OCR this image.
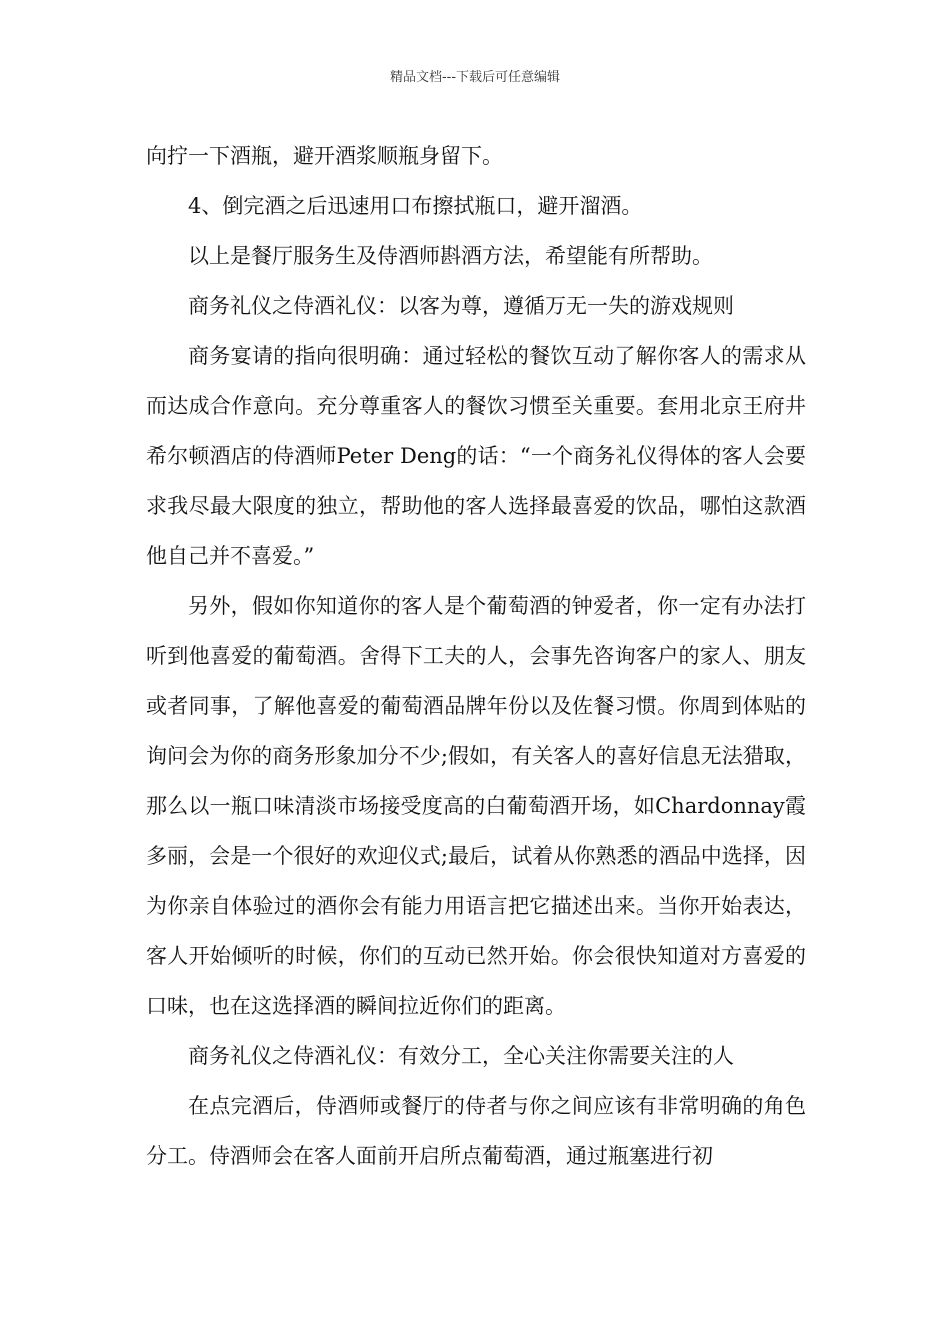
精品文档---下载后可任意编辑

向拧一下酒瓶，避开酒浆顺瓶身留下。

4、倒完酒之后迅速用口布擦拭瓶口，避开溜酒。

以上是餐厅服务生及侍酒师斟酒方法，希望能有所帮助。

商务礼仪之侍酒礼仪：以客为尊，遵循万无一失的游戏规则

商务宴请的指向很明确：通过轻松的餐饮互动了解你客人的需求从而达成合作意向。充分尊重客人的餐饮习惯至关重要。套用北京王府井希尔顿酒店的侍酒师Peter Deng的话：“一个商务礼仪得体的客人会要求我尽最大限度的独立，帮助他的客人选择最喜爱的饮品，哪怕这款酒他自己并不喜爱。”

另外，假如你知道你的客人是个葡萄酒的钟爱者，你一定有办法打听到他喜爱的葡萄酒。舍得下工夫的人，会事先咨询客户的家人、朋友或者同事，了解他喜爱的葡萄酒品牌年份以及佐餐习惯。你周到体贴的询问会为你的商务形象加分不少;假如，有关客人的喜好信息无法猎取，那么以一瓶口味清淡市场接受度高的白葡萄酒开场，如Chardonnay霞多丽，会是一个很好的欢迎仪式;最后，试着从你熟悉的酒品中选择，因为你亲自体验过的酒你会有能力用语言把它描述出来。当你开始表达，客人开始倾听的时候，你们的互动已然开始。你会很快知道对方喜爱的口味，也在这选择酒的瞬间拉近你们的距离。

商务礼仪之侍酒礼仪：有效分工，全心关注你需要关注的人

在点完酒后，侍酒师或餐厅的侍者与你之间应该有非常明确的角色分工。侍酒师会在客人面前开启所点葡萄酒，通过瓶塞进行初
